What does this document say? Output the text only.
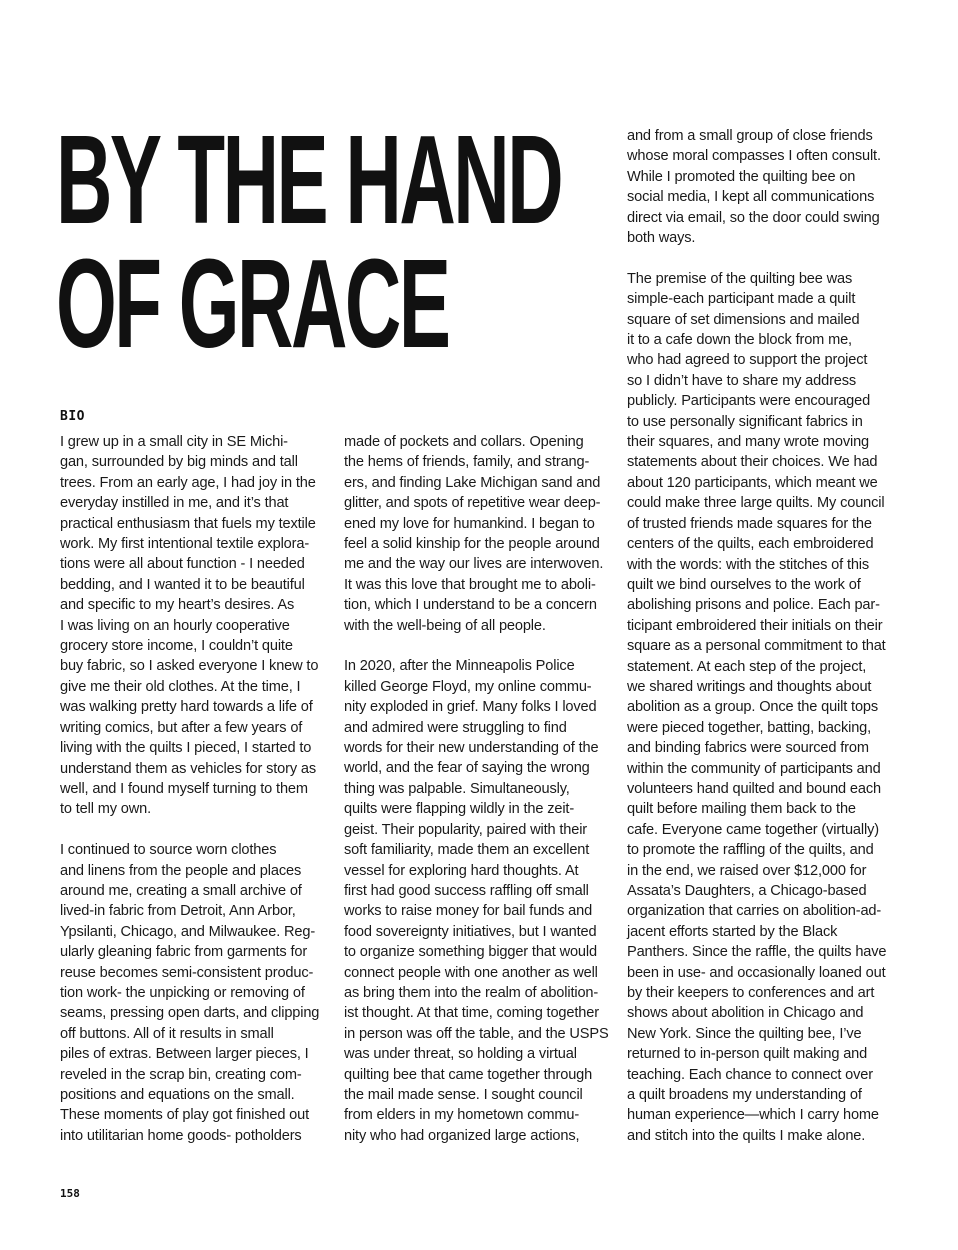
BY THE HAND
OF GRACE
BIO

I grew up in a small city in SE Michi-
gan, surrounded by big minds and tall
trees. From an early age, I had joy in the
everyday instilled in me, and it’s that
practical enthusiasm that fuels my textile
work. My first intentional textile explora-
tions were all about function - I needed
bedding, and I wanted it to be beautiful
and specific to my heart’s desires. As
I was living on an hourly cooperative
grocery store income, I couldn’t quite
buy fabric, so I asked everyone I knew to
give me their old clothes. At the time, I
was walking pretty hard towards a life of
writing comics, but after a few years of
living with the quilts I pieced, I started to
understand them as vehicles for story as
well, and I found myself turning to them
to tell my own.

I continued to source worn clothes
and linens from the people and places
around me, creating a small archive of
lived-in fabric from Detroit, Ann Arbor,
Ypsilanti, Chicago, and Milwaukee. Reg-
ularly gleaning fabric from garments for
reuse becomes semi-consistent produc-
tion work- the unpicking or removing of
seams, pressing open darts, and clipping
off buttons. All of it results in small
piles of extras. Between larger pieces, I
reveled in the scrap bin, creating com-
positions and equations on the small.
These moments of play got finished out
into utilitarian home goods- potholders

made of pockets and collars. Opening
the hems of friends, family, and strang-
ers, and finding Lake Michigan sand and
glitter, and spots of repetitive wear deep-
ened my love for humankind. I began to
feel a solid kinship for the people around
me and the way our lives are interwoven.
It was this love that brought me to aboli-
tion, which I understand to be a concern
with the well-being of all people.

In 2020, after the Minneapolis Police
killed George Floyd, my online commu-
nity exploded in grief. Many folks I loved
and admired were struggling to find
words for their new understanding of the
world, and the fear of saying the wrong
thing was palpable. Simultaneously,
quilts were flapping wildly in the zeit-
geist. Their popularity, paired with their
soft familiarity, made them an excellent
vessel for exploring hard thoughts. At
first had good success raffling off small
works to raise money for bail funds and
food sovereignty initiatives, but I wanted
to organize something bigger that would
connect people with one another as well
as bring them into the realm of abolition-
ist thought. At that time, coming together
in person was off the table, and the USPS
was under threat, so holding a virtual
quilting bee that came together through
the mail made sense. I sought council
from elders in my hometown commu-
nity who had organized large actions,

and from a small group of close friends
whose moral compasses I often consult.
While I promoted the quilting bee on
social media, I kept all communications
direct via email, so the door could swing
both ways.

The premise of the quilting bee was
simple-each participant made a quilt
square of set dimensions and mailed
it to a cafe down the block from me,
who had agreed to support the project
so I didn’t have to share my address
publicly. Participants were encouraged
to use personally significant fabrics in
their squares, and many wrote moving
statements about their choices. We had
about 120 participants, which meant we
could make three large quilts. My council
of trusted friends made squares for the
centers of the quilts, each embroidered
with the words: with the stitches of this
quilt we bind ourselves to the work of
abolishing prisons and police. Each par-
ticipant embroidered their initials on their
square as a personal commitment to that
statement. At each step of the project,
we shared writings and thoughts about
abolition as a group. Once the quilt tops
were pieced together, batting, backing,
and binding fabrics were sourced from
within the community of participants and
volunteers hand quilted and bound each
quilt before mailing them back to the
cafe. Everyone came together (virtually)
to promote the raffling of the quilts, and
in the end, we raised over $12,000 for
Assata’s Daughters, a Chicago-based
organization that carries on abolition-ad-
jacent efforts started by the Black
Panthers. Since the raffle, the quilts have
been in use- and occasionally loaned out
by their keepers to conferences and art
shows about abolition in Chicago and
New York. Since the quilting bee, I’ve
returned to in-person quilt making and
teaching. Each chance to connect over
a quilt broadens my understanding of
human experience—which I carry home
and stitch into the quilts I make alone.

158
